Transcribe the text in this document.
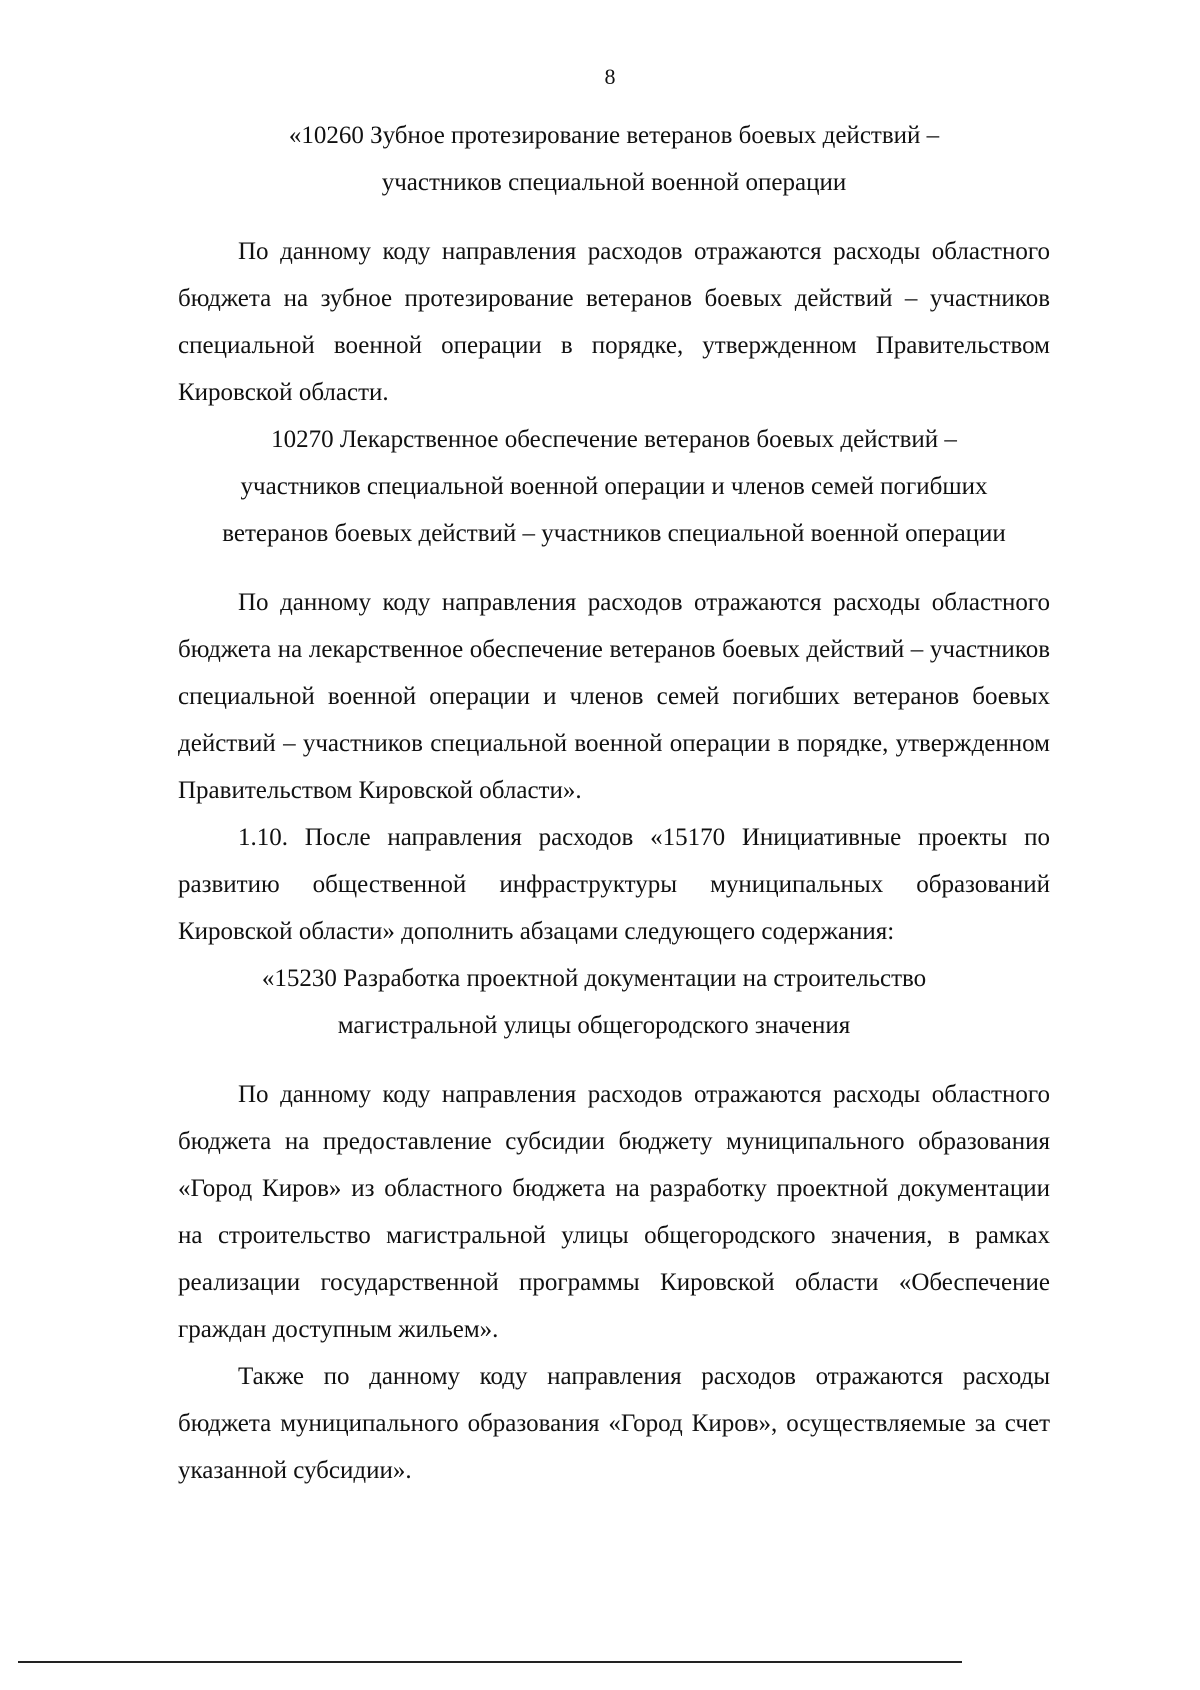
8
«10260 Зубное протезирование ветеранов боевых действий –
участников специальной военной операции

По данному коду направления расходов отражаются расходы областного бюджета на зубное протезирование ветеранов боевых действий – участников специальной военной операции в порядке, утвержденном Правительством Кировской области.

10270 Лекарственное обеспечение ветеранов боевых действий –
участников специальной военной операции и членов семей погибших
ветеранов боевых действий – участников специальной военной операции

По данному коду направления расходов отражаются расходы областного бюджета на лекарственное обеспечение ветеранов боевых действий – участников специальной военной операции и членов семей погибших ветеранов боевых действий – участников специальной военной операции в порядке, утвержденном Правительством Кировской области».

1.10. После направления расходов «15170 Инициативные проекты по развитию общественной инфраструктуры муниципальных образований Кировской области» дополнить абзацами следующего содержания:

«15230 Разработка проектной документации на строительство
магистральной улицы общегородского значения

По данному коду направления расходов отражаются расходы областного бюджета на предоставление субсидии бюджету муниципального образования «Город Киров» из областного бюджета на разработку проектной документации на строительство магистральной улицы общегородского значения, в рамках реализации государственной программы Кировской области «Обеспечение граждан доступным жильем».

Также по данному коду направления расходов отражаются расходы бюджета муниципального образования «Город Киров», осуществляемые за счет указанной субсидии».
